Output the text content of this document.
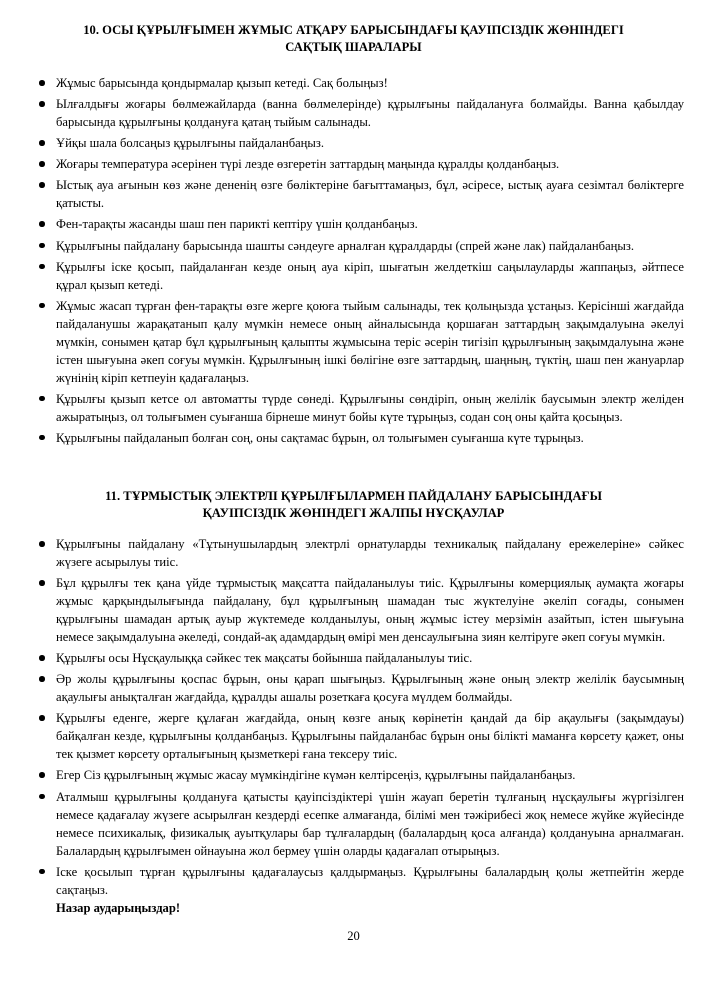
10. ОСЫ ҚҰРЫЛҒЫМЕН ЖҰМЫС АТҚАРУ БАРЫСЫНДАҒЫ ҚАУІПСІЗДІК ЖӨНІНДЕГІ САҚТЫҚ ШАРАЛАРЫ
Жұмыс барысында қондырмалар қызып кетеді. Сақ болыңыз!
Ылғалдығы жоғары бөлмежайларда (ванна бөлмелерінде) құрылғыны пайдалануға болмайды. Ванна қабылдау барысында құрылғыны қолдануға қатаң тыйым салынады.
Ұйқы шала болсаңыз құрылғыны пайдаланбаңыз.
Жоғары температура әсерінен түрі лезде өзгеретін заттардың маңында құралды қолданбаңыз.
Ыстық ауа ағынын көз және дененің өзге бөліктеріне бағыттамаңыз, бұл, әсіресе, ыстық ауаға сезімтал бөліктерге қатысты.
Фен-тарақты жасанды шаш пен парикті кептіру үшін қолданбаңыз.
Құрылғыны пайдалану барысында шашты сәндеуге арналған құралдарды (спрей және лак) пайдаланбаңыз.
Құрылғы іске қосып, пайдаланған кезде оның ауа кіріп, шығатын желдеткіш саңылауларды жаппаңыз, әйтпесе құрал қызып кетеді.
Жұмыс жасап тұрған фен-тарақты өзге жерге қоюға тыйым салынады, тек қолыңызда ұстаңыз. Керісінші жағдайда пайдаланушы жарақатанып қалу мүмкін немесе оның айналысында қоршаған заттардың зақымдалуына әкелуі мүмкін, сонымен қатар бұл құрылғының қалыпты жұмысына теріс әсерін тигізіп құрылғының зақымдалуына және істен шығуына әкеп соғуы мүмкін. Құрылғының ішкі бөлігіне өзге заттардың, шаңның, түктің, шаш пен жануарлар жүнінің кіріп кетпеуін қадағалаңыз.
Құрылғы қызып кетсе ол автоматты түрде сөнеді. Құрылғыны сөндіріп, оның желілік баусымын электр желіден ажыратыңыз, ол толығымен суығанша бірнеше минут бойы күте тұрыңыз, содан соң оны қайта қосыңыз.
Құрылғыны пайдаланып болған соң, оны сақтамас бұрын, ол толығымен суығанша күте тұрыңыз.
11. ТҰРМЫСТЫҚ ЭЛЕКТРЛІ ҚҰРЫЛҒЫЛАРМЕН ПАЙДАЛАНУ БАРЫСЫНДАҒЫ ҚАУІПСІЗДІК ЖӨНІНДЕГІ ЖАЛПЫ НҰСҚАУЛАР
Құрылғыны пайдалану «Тұтынушылардың электрлі орнатуларды техникалық пайдалану ережелеріне» сәйкес жүзеге асырылуы тиіс.
Бұл құрылғы тек қана үйде тұрмыстық мақсатта пайдаланылуы тиіс. Құрылғыны комерциялық аумақта жоғары жұмыс қарқындылығында пайдалану, бұл құрылғының шамадан тыс жүктелуіне әкеліп соғады, сонымен құрылғыны шамадан артық ауыр жүктемеде колданылуы, оның жұмыс істеу мерзімін азайтып, істен шығуына немесе зақымдалуына әкеледі, сондай-ақ адамдардың өмірі мен денсаулығына зиян келтіруге әкеп соғуы мүмкін.
Құрылғы осы Нұсқаулыққа сәйкес тек мақсаты бойынша пайдаланылуы тиіс.
Әр жолы құрылғыны қоспас бұрын, оны қарап шығыңыз. Құрылғының және оның электр желілік баусымның ақаулығы анықталған жағдайда, құралды ашалы розеткаға қосуға мүлдем болмайды.
Құрылғы еденге, жерге құлаған жағдайда, оның көзге анық көрінетін қандай да бір ақаулығы (зақымдауы) байқалған кезде, құрылғыны қолданбаңыз. Құрылғыны пайдаланбас бұрын оны білікті маманға көрсету қажет, оны тек қызмет көрсету орталығының қызметкері ғана тексеру тиіс.
Егер Сіз құрылғының жұмыс жасау мүмкіндігіне күмән келтірсеңіз, құрылғыны пайдаланбаңыз.
Аталмыш құрылғыны қолдануға қатысты қауіпсіздіктері үшін жауап беретін тұлғаның нұсқаулығы жүргізілген немесе қадағалау жүзеге асырылған кездерді есепке алмағанда, білімі мен тәжірибесі жоқ немесе жүйке жүйесінде немесе психикалық, физикалық ауытқулары бар тұлғалардың (балалардың қоса алғанда) қолдануына арналмаған. Балалардың құрылғымен ойнауына жол бермеу үшін оларды қадағалап отырыңыз.
Іске қосылып тұрған құрылғыны қадағалаусыз қалдырмаңыз. Құрылғыны балалардың қолы жетпейтін жерде сақтаңыз.
Назар аударыңыздар!
20
